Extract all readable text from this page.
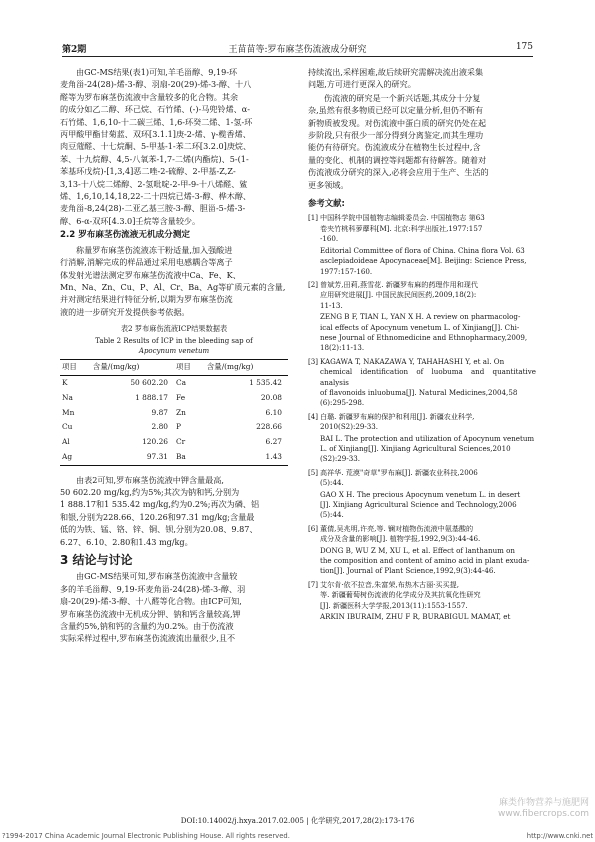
第2期	王苗苗等:罗布麻茎伤流液成分研究	175

由GC-MS结果(表1)可知,羊毛甾醇、9,19-环
麦角甾-24(28)-烯-3-醇、羽扇-20(29)-烯-3-醇、十八
醛等为罗布麻茎伤流液中含量较多的化合物。其余
的成分如乙二醇、环己烷、石竹烯、(-)-马兜铃烯、α-
石竹烯、1,6,10-十二碳三烯、1,6-环癸二烯、1-氢-环
丙甲酸甲酯甘菊蓝、双环[3.1.1]庚-2-烯、γ-榄香烯、
肉豆蔻醛、十七烷酮、5-甲基-1-苯二环[3.2.0]庚烷、
苯、十九烷醇、4,5-八氧苯-1,7-二烯(内酯烷)、5-(1-
苯基环戊烷)-[1,3,4]恶二唑-2-硫醇、2-甲基-Z,Z-
3,13-十八烷二烯醇、2-氢吡啶-2-甲-9-十八烯醛、鲨
烯、1,6,10,14,18,22-二十四烷已烯-3-醇、桦木醇、
麦角甾-8,24(28)-二亚乙基三胺-3-醇、胆甾-5-烯-3-
醇、6-α-双环[4.3.0]壬烷等含量较少。

2.2 罗布麻茎伤流液无机成分测定

称量罗布麻茎伤流液冻干粉适量,加入强酸进
行消解,消解完成的样品通过采用电感耦合等离子
体发射光谱法测定罗布麻茎伤流液中Ca、Fe、K、
Mn、Na、Zn、Cu、P、Al、Cr、Ba、Ag等矿质元素的含量,
并对测定结果进行特征分析,以期为罗布麻茎伤流
液的进一步研究开发提供参考依据。

表2 罗布麻伤流液ICP结果数据表
Table 2 Results of ICP in the bleeding sap of
Apocynum venetum
项目	含量/(mg/kg)	项目	含量/(mg/kg)
K	50 602.20	Ca	1 535.42
Na	1 888.17	Fe	20.08
Mn	9.87	Zn	6.10
Cu	2.80	P	228.66
Al	120.26	Cr	6.27
Ag	97.31	Ba	1.43

由表2可知,罗布麻茎伤流液中钾含量最高,
50 602.20 mg/kg,约为5%;其次为钠和钙,分别为
1 888.17和1 535.42 mg/kg,约为0.2%;再次为磷、铝
和银,分别为228.66、120.26和97.31 mg/kg;含量最
低的为铁、锰、铬、锌、铜、钡,分别为20.08、9.87、
6.27、6.10、2.80和1.43 mg/kg。

3 结论与讨论

由GC-MS结果可知,罗布麻茎伤流液中含量较
多的羊毛甾醇、9,19-环麦角甾-24(28)-烯-3-醇、羽
扇-20(29)-烯-3-醇、十八醛等化合物。由ICP可知,
罗布麻茎伤流液中无机成分钾、钠和钙含量较高,钾
含量约5%,钠和钙的含量约为0.2%。由于伤流液
实际采样过程中,罗布麻茎伤流液流出量很少,且不

持续流出,采样困难,故后续研究需解决流出液采集
问题,方可进行更深入的研究。

伤流液的研究是一个新兴话题,其成分十分复
杂,虽然有很多物质已经可以定量分析,但仍不断有
新物质被发现。对伤流液中蛋白质的研究仍处在起
步阶段,只有很少一部分得到分离鉴定,而其生理功
能仍有待研究。伤流液成分在植物生长过程中,含
量的变化、机制的调控等问题都有待解答。随着对
伤流液成分研究的深入,必将会应用于生产、生活的
更多领域。

参考文献:
[1] 中国科学院中国植物志编辑委员会. 中国植物志 第63
卷夹竹桃科萝藦科[M]. 北京:科学出版社,1977:157
-160.
Editorial Committee of flora of China. China flora Vol. 63
asclepiadoideae Apocynaceae[M]. Beijing: Science Press,
1977:157-160.
[2] 曾斌芳,田莉,燕雪花. 新疆罗布麻的药理作用和现代
应用研究进展[J]. 中国民族民间医药,2009,18(2):
11-13.
ZENG B F, TIAN L, YAN X H. A review on pharmacolog-
ical effects of Apocynum venetum L. of Xinjiang[J]. Chi-
nese Journal of Ethnomedicine and Ethnopharmacy,2009,
18(2):11-13.
[3] KAGAWA T, NAKAZAWA Y, TAHAHASHI Y, et al. On
chemical identification of luobuma and quantitative analysis
of flavonoids inluobuma[J]. Natural Medicines,2004,58
(6):295-298.
[4] 白璐. 新疆罗布麻的保护和利用[J]. 新疆农业科学,
2010(S2):29-33.
BAI L. The protection and utilization of Apocynum venetum
L. of Xinjiang[J]. Xinjiang Agricultural Sciences,2010
(S2):29-33.
[5] 高祥华. 荒漠"奇草"罗布麻[J]. 新疆农业科技,2006
(5):44.
GAO X H. The precious Apocynum venetum L. in desert
[J]. Xinjiang Agricultural Science and Technology,2006
(5):44.
[6] 董倩,吴兆明,许亮,等. 镧对植物伤流液中氨基酸的
成分及含量的影响[J]. 植物学报,1992,9(3):44-46.
DONG B, WU Z M, XU L, et al. Effect of lanthanum on
the composition and content of amino acid in plant exuda-
tion[J]. Journal of Plant Science,1992,9(3):44-46.
[7] 艾尔肯·依不拉音,朱富荣,布热木古丽·买买提,
等. 新疆葡萄树伤流液的化学成分及其抗氧化性研究
[J]. 新疆医科大学学报,2013(11):1553-1557.
ARKIN IBURAIM, ZHU F R, BURABIGUL MAMAT, et
麻类作物营养与施肥网
www.fibercrops.com
DOI:10.14002/j.hxya.2017.02.005 | 化学研究,2017,28(2):173-176
?1994-2017 China Academic Journal Electronic Publishing House. All rights reserved.	http://www.cnki.net
